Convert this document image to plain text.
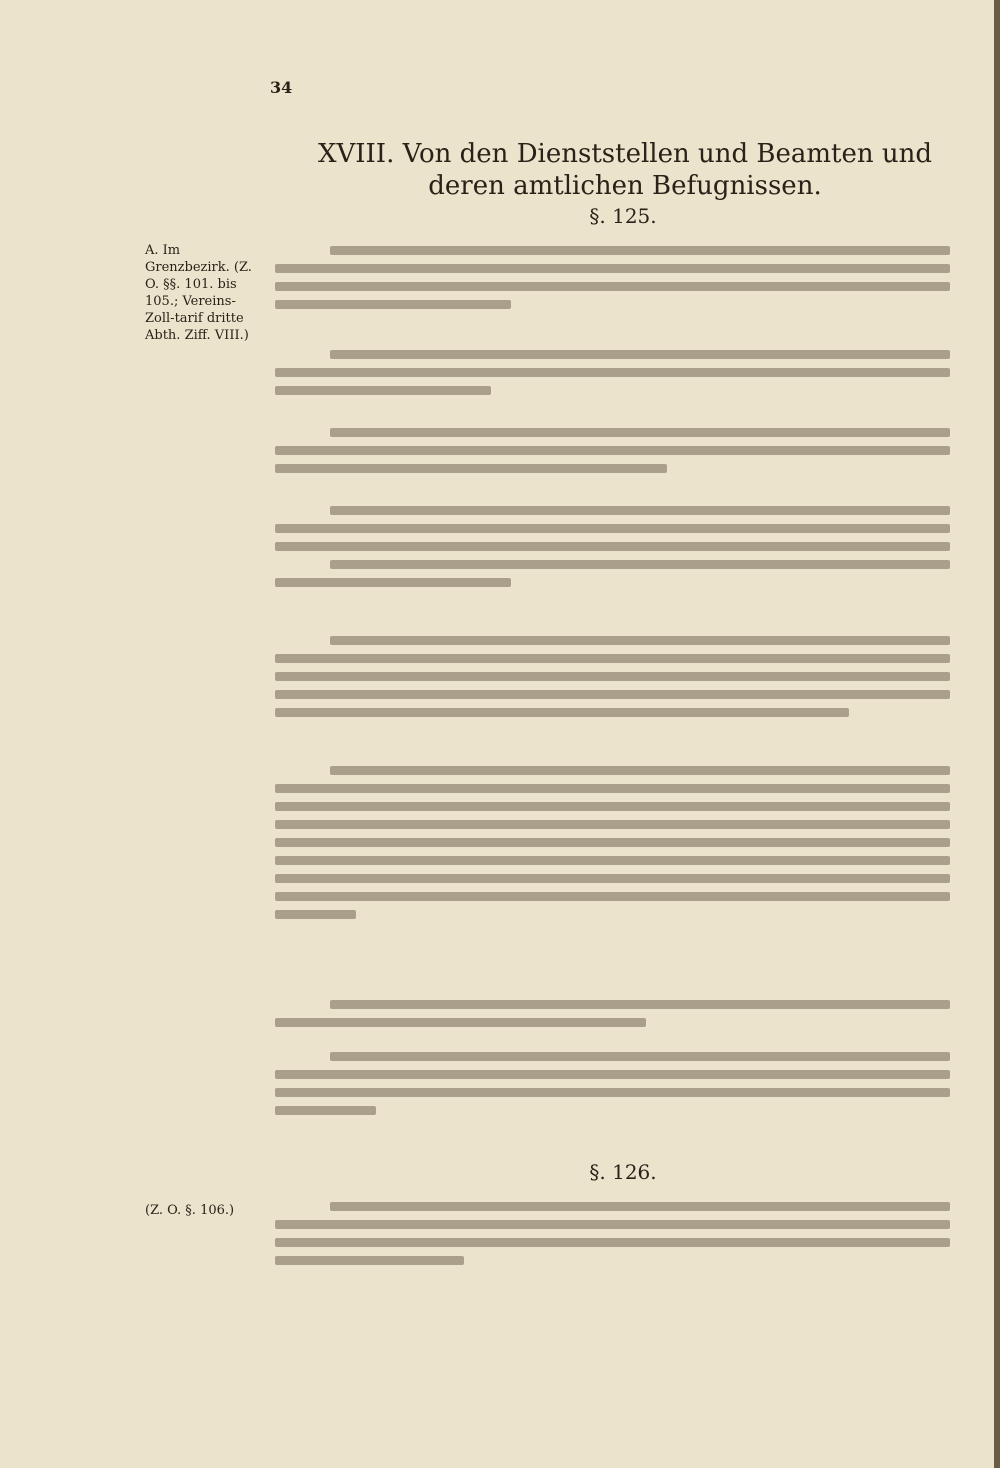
34
XVIII. Von den Dienststellen und Beamten und deren amtlichen Befugnissen.
§. 125.
A. Im Grenzbezirk. (Z. O. §§. 101. bis 105.; Vereins-Zoll-tarif dritte Abth. Ziff. VIII.)
§. 126.
(Z. O. §. 106.)
